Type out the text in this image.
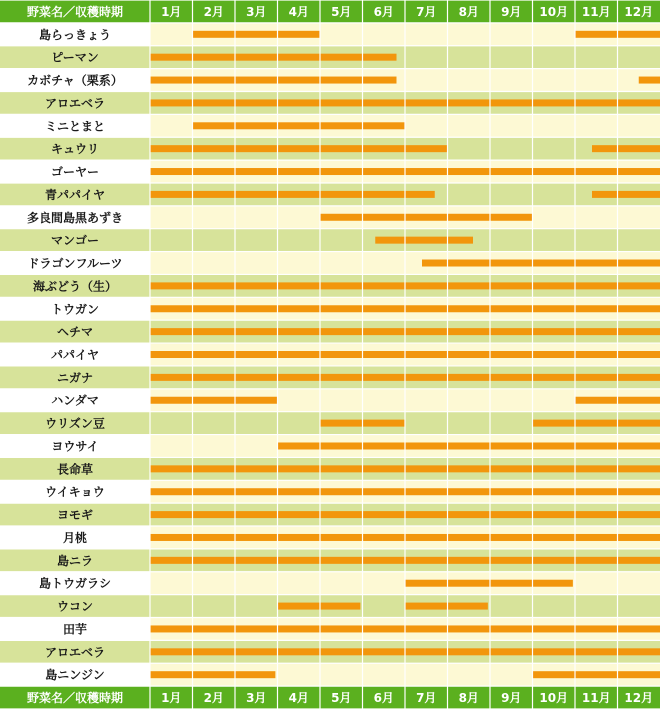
野菜名／収穫時期	1月 2月 3月 4月 5月 6月 7月 8月 9月 10月 11月 12月
島らっきょう
ピーマン
カボチャ（栗系）
アロエベラ
ミニとまと
キュウリ
ゴーヤー
青パパイヤ
多良間島黒あずき
マンゴー
ドラゴンフルーツ
海ぶどう（生）
トウガン
ヘチマ
パパイヤ
ニガナ
ハンダマ
ウリズン豆
ヨウサイ
長命草
ウイキョウ
ヨモギ
月桃
島ニラ
島トウガラシ
ウコン
田芋
アロエベラ
島ニンジン
野菜名／収穫時期	1月 2月 3月 4月 5月 6月 7月 8月 9月 10月 11月 12月
